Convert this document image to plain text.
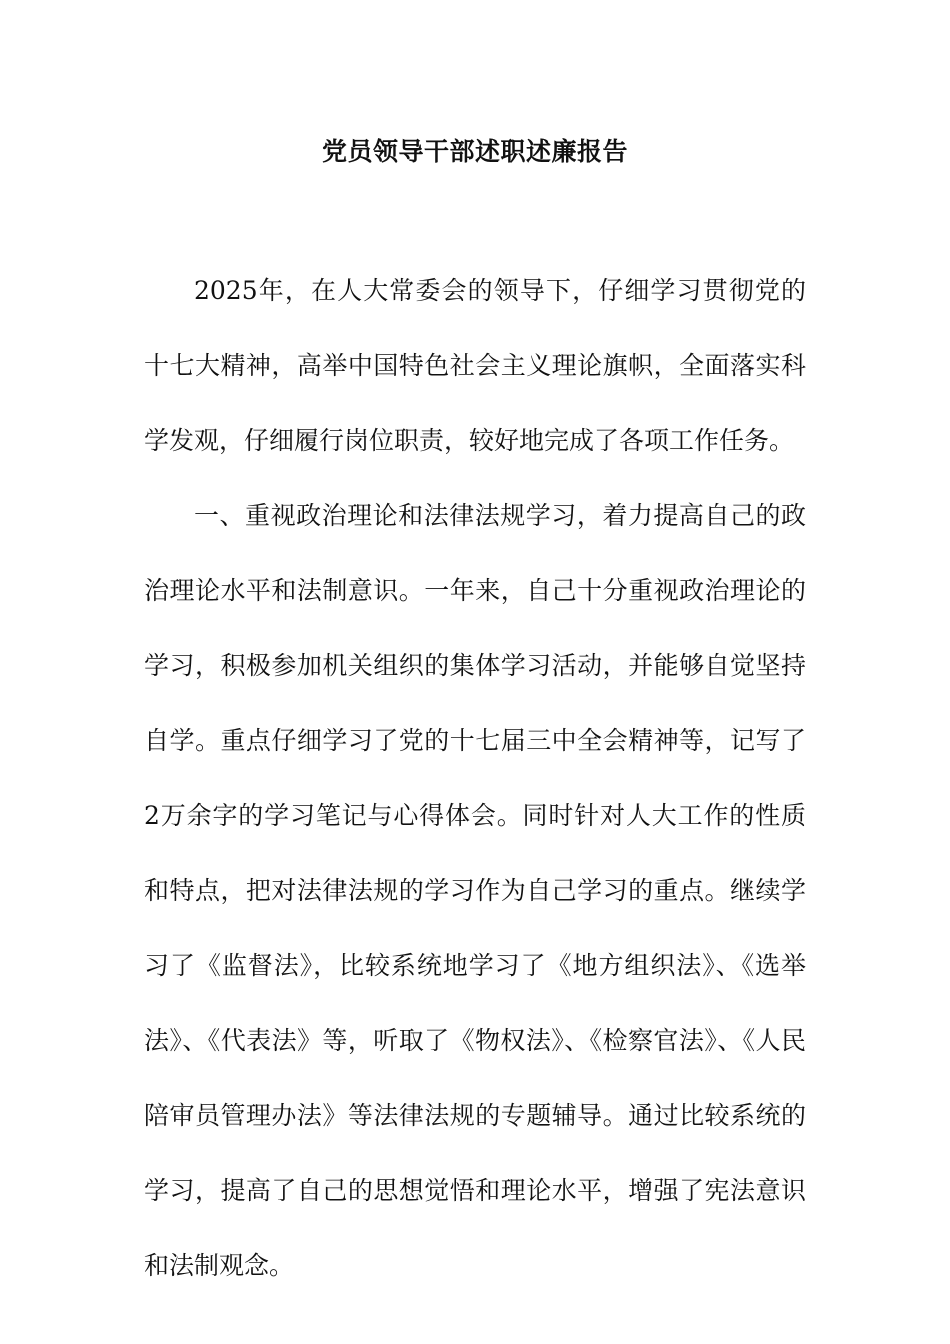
党员领导干部述职述廉报告

2025年，在人大常委会的领导下，仔细学习贯彻党的十七大精神，高举中国特色社会主义理论旗帜，全面落实科学发观，仔细履行岗位职责，较好地完成了各项工作任务。

一、重视政治理论和法律法规学习，着力提高自己的政治理论水平和法制意识。一年来，自己十分重视政治理论的学习，积极参加机关组织的集体学习活动，并能够自觉坚持自学。重点仔细学习了党的十七届三中全会精神等，记写了2万余字的学习笔记与心得体会。同时针对人大工作的性质和特点，把对法律法规的学习作为自己学习的重点。继续学习了《监督法》，比较系统地学习了《地方组织法》、《选举法》、《代表法》等，听取了《物权法》、《检察官法》、《人民陪审员管理办法》等法律法规的专题辅导。通过比较系统的学习，提高了自己的思想觉悟和理论水平，增强了宪法意识和法制观念。
